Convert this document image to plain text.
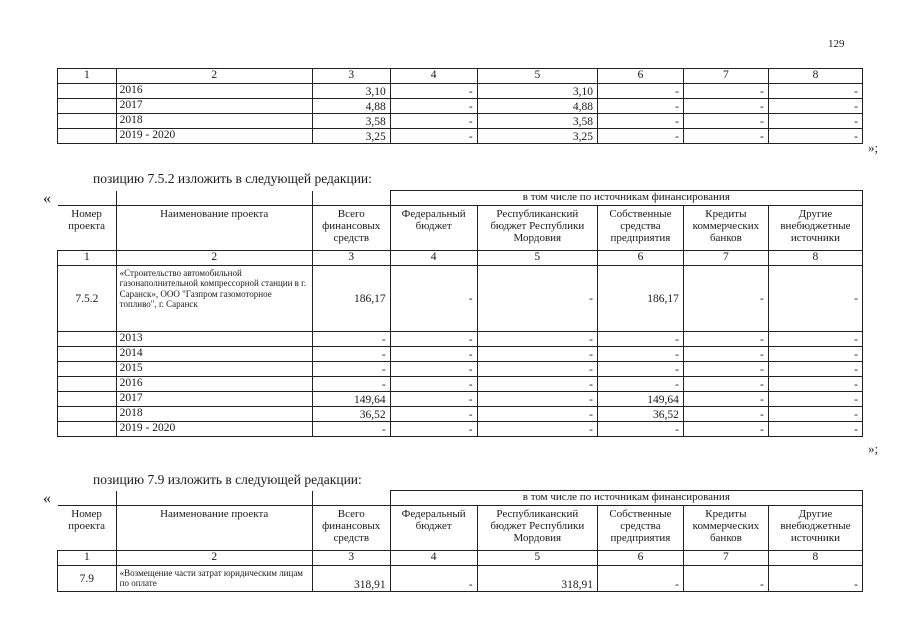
129
1	2	3	4	5	6	7	8
	2016	3,10	-	3,10	-	-	-
	2017	4,88	-	4,88	-	-	-
	2018	3,58	-	3,58	-	-	-
	2019 - 2020	3,25	-	3,25	-	-	-
»;
позицию 7.5.2 изложить в следующей редакции:
«
				в том числе по источникам финансирования				
Номер проекта	Наименование проекта	Всего финансовых средств	Федеральный бюджет	Республиканский бюджет Республики Мордовия	Собственные средства предприятия	Кредиты коммерческих банков	Другие внебюджетные источники
1	2	3	4	5	6	7	8
7.5.2	«Строительство автомобильной газонаполнительной компрессорной станции в г. Саранск», ООО "Газпром газомоторное топливо", г. Саранск	186,17	-	-	186,17	-	-
	2013	-	-	-	-	-	-
	2014	-	-	-	-	-	-
	2015	-	-	-	-	-	-
	2016	-	-	-	-	-	-
	2017	149,64	-	-	149,64	-	-
	2018	36,52	-	-	36,52	-	-
	2019 - 2020	-	-	-	-	-	-
»;
позицию 7.9 изложить в следующей редакции:
«
				в том числе по источникам финансирования				
Номер проекта	Наименование проекта	Всего финансовых средств	Федеральный бюджет	Республиканский бюджет Республики Мордовия	Собственные средства предприятия	Кредиты коммерческих банков	Другие внебюджетные источники
1	2	3	4	5	6	7	8
7.9	«Возмещение части затрат юридическим лицам по оплате	318,91	-	318,91	-	-	-
